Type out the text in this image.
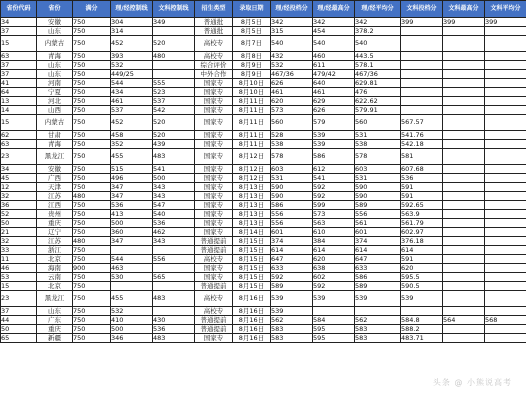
省份代码	省份	满分	理/经控制线	文科控制线	招生类型	录取日期	理/经投档分	理/经最高分	理/经平均分	文科投档分	文科最高分	文科平均分
34	安徽	750	304	349	普通批	8月5日	342	342	342	399	399	399
37	山东	750	314		普通批	8月5日	315	454	378.2			
15	内蒙古	750	452	520	高校专	8月7日	540	540	540			
63	青海	750	393	480	高校专	8月8日	432	460	443.5			
37	山东	750	532		综合评价	8月9日	532	611	578.1			
37	山东	750	449/25		中外合作	8月9日	467/36	479/42	467/36			
41	河南	750	544	555	国家专	8月10日	626	640	629.81			
64	宁夏	750	434	523	国家专	8月10日	461	461	476			
13	河北	750	461	537	国家专	8月11日	620	629	622.62			
14	山西	750	537	542	国家专	8月11日	573	626	579.91			
15	内蒙古	750	452	520	国家专	8月11日	560	579	560	567.57		
62	甘肃	750	458	520	国家专	8月11日	528	539	531	541.76		
63	青海	750	352	439	国家专	8月11日	538	539	538	542.18		
23	黑龙江	750	455	483	国家专	8月12日	578	586	578	581		
34	安徽	750	515	541	国家专	8月12日	603	612	603	607.68		
45	广西	750	496	500	国家专	8月12日	531	541	531	536		
12	天津	750	347	343	国家专	8月13日	590	592	590	591		
32	江苏	480	347	343	国家专	8月13日	590	592	590	591		
36	江西	750	536	547	国家专	8月13日	586	599	589	592.65		
52	贵州	750	413	540	国家专	8月13日	556	573	556	563.9		
50	重庆	750	500	536	国家专	8月13日	556	563	561	561.79		
21	辽宁	750	360	462	国家专	8月14日	601	610	601	602.97		
32	江苏	480	347	343	普通提前	8月15日	374	384	374	376.18		
33	浙江	750			普通提前	8月15日	614	614	614	614		
11	北京	750	544	556	高校专	8月15日	647	620	647	591		
46	海南	900	463		国家专	8月15日	633	638	633	620		
53	云南	750	530	565	国家专	8月15日	592	602	586	595.5		
15	北京	750			普通提前	8月15日	589	592	589	590.5		
23	黑龙江	750	455	483	高校专	8月16日	539	539	539	539		
37	山东	750	532		高校专	8月16日	539					
44	广东	750	410	430	普通提前	8月16日	562	584	562	584.8	564	568
50	重庆	750	500	536	普通提前	8月16日	583	595	583	588.2		
65	新疆	750	346	483	国家专	8月16日	583	595	583	483.71		
头条 @ 小熊说高考
